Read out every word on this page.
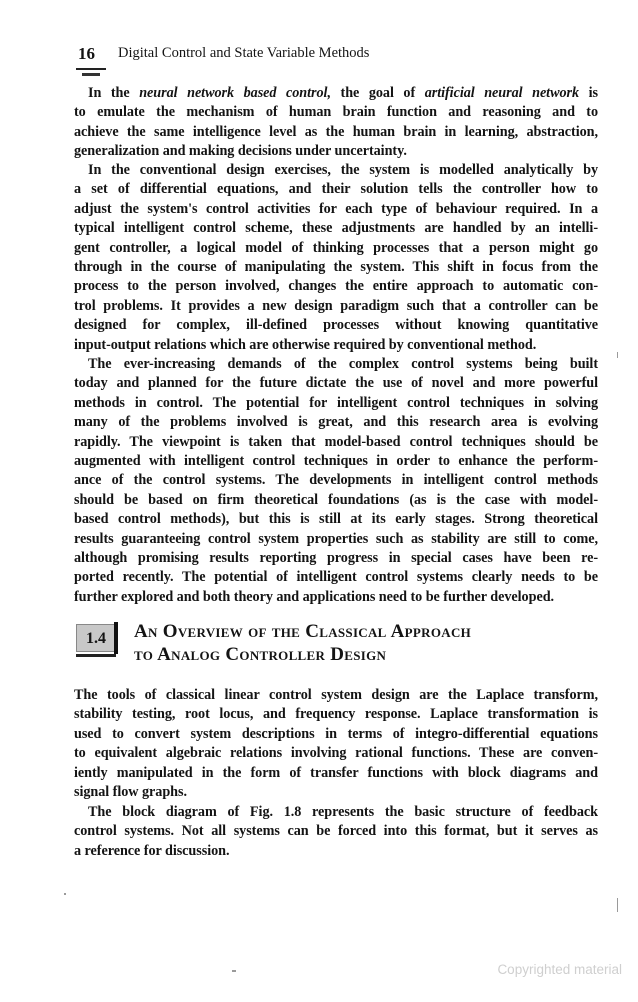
16 Digital Control and State Variable Methods
In the neural network based control, the goal of artificial neural network is
to emulate the mechanism of human brain function and reasoning and to
achieve the same intelligence level as the human brain in learning, abstraction,
generalization and making decisions under uncertainty.
In the conventional design exercises, the system is modelled analytically by
a set of differential equations, and their solution tells the controller how to
adjust the system's control activities for each type of behaviour required. In a
typical intelligent control scheme, these adjustments are handled by an intelli-
gent controller, a logical model of thinking processes that a person might go
through in the course of manipulating the system. This shift in focus from the
process to the person involved, changes the entire approach to automatic con-
trol problems. It provides a new design paradigm such that a controller can be
designed for complex, ill-defined processes without knowing quantitative
input-output relations which are otherwise required by conventional method.
The ever-increasing demands of the complex control systems being built
today and planned for the future dictate the use of novel and more powerful
methods in control. The potential for intelligent control techniques in solving
many of the problems involved is great, and this research area is evolving
rapidly. The viewpoint is taken that model-based control techniques should be
augmented with intelligent control techniques in order to enhance the perform-
ance of the control systems. The developments in intelligent control methods
should be based on firm theoretical foundations (as is the case with model-
based control methods), but this is still at its early stages. Strong theoretical
results guaranteeing control system properties such as stability are still to come,
although promising results reporting progress in special cases have been re-
ported recently. The potential of intelligent control systems clearly needs to be
further explored and both theory and applications need to be further developed.
1.4	An Overview of the Classical Approach
to Analog Controller Design
The tools of classical linear control system design are the Laplace transform,
stability testing, root locus, and frequency response. Laplace transformation is
used to convert system descriptions in terms of integro-differential equations
to equivalent algebraic relations involving rational functions. These are conven-
iently manipulated in the form of transfer functions with block diagrams and
signal flow graphs.
The block diagram of Fig. 1.8 represents the basic structure of feedback
control systems. Not all systems can be forced into this format, but it serves as
a reference for discussion.
Copyrighted material
